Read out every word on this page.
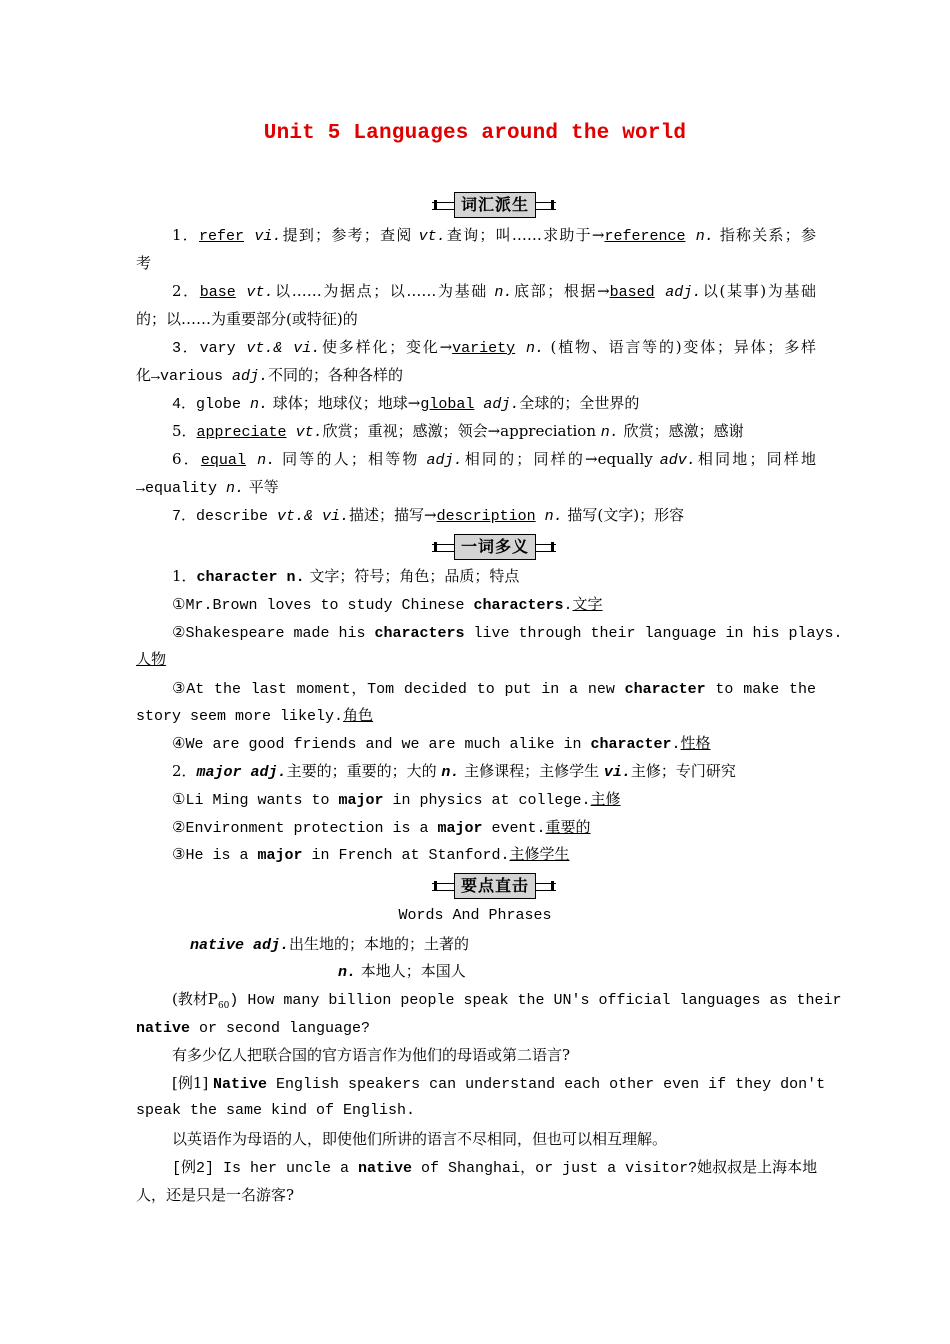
Unit 5 Languages around the world
词汇派生
1．refer vi.提到；参考；查阅 vt.查询；叫……求助于→reference n. 指称关系；参
考
2．base vt.以……为据点；以……为基础 n.底部；根据→based adj.以(某事)为基础
的；以……为重要部分(或特征)的
3．vary vt.& vi.使多样化；变化→variety n. (植物、语言等的)变体；异体；多样
化→various adj.不同的；各种各样的
4．globe n. 球体；地球仪；地球→global adj.全球的；全世界的
5．appreciate vt.欣赏；重视；感激；领会→appreciation n. 欣赏；感激；感谢
6．equal n. 同等的人；相等物 adj.相同的；同样的→equally adv.相同地；同样地
→equality n. 平等
7．describe vt.& vi.描述；描写→description n. 描写(文字)；形容
一词多义
1．character n. 文字；符号；角色；品质；特点
①Mr.Brown loves to study Chinese characters.文字
②Shakespeare made his characters live through their language in his plays.
人物
③At the last moment，Tom decided to put in a new character to make the
story seem more likely.角色
④We are good friends and we are much alike in character.性格
2．major adj.主要的；重要的；大的 n. 主修课程；主修学生 vi.主修；专门研究
①Li Ming wants to major in physics at college.主修
②Environment protection is a major event.重要的
③He is a major in French at Stanford.主修学生
要点直击
Words And Phrases
native adj.出生地的；本地的；土著的
n. 本地人；本国人
(教材$P_{60}$) How many billion people speak the UN's official languages as their
native or second language?
有多少亿人把联合国的官方语言作为他们的母语或第二语言?
[例1] Native English speakers can understand each other even if they don't
speak the same kind of English.
以英语作为母语的人，即使他们所讲的语言不尽相同，但也可以相互理解。
[例2] Is her uncle a native of Shanghai，or just a visitor?她叔叔是上海本地
人，还是只是一名游客?
